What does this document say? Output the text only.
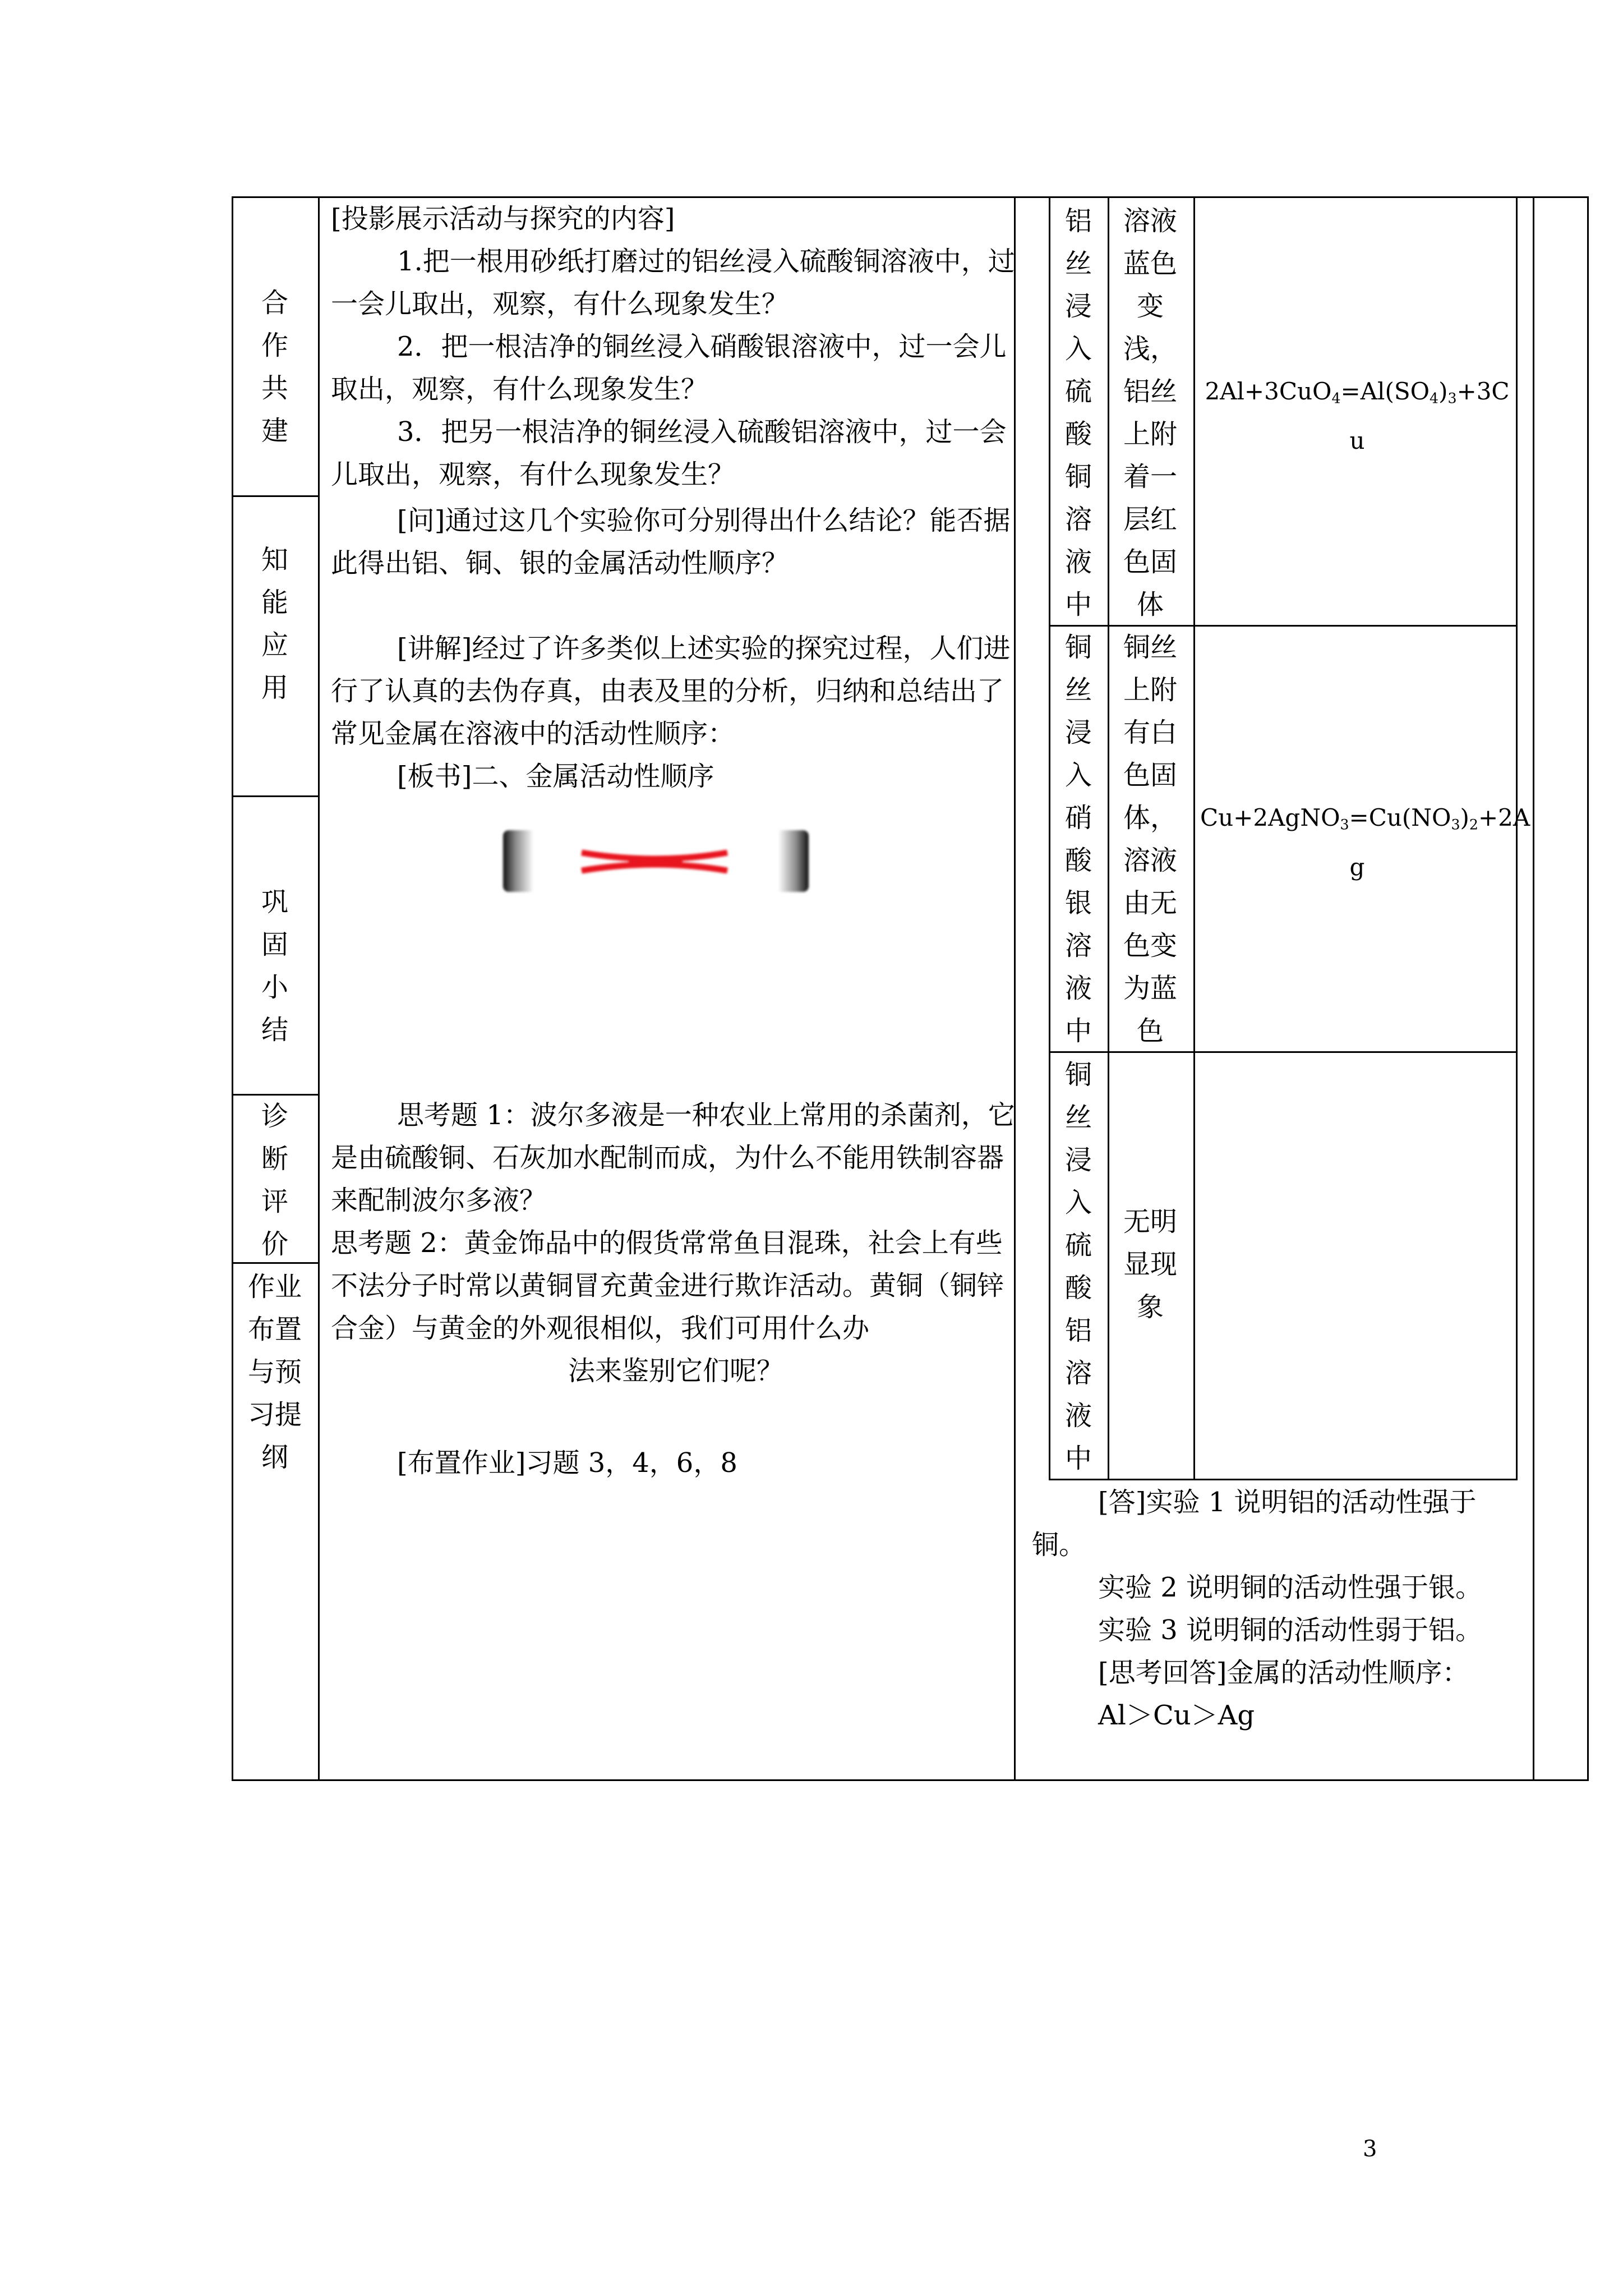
合作共建
知能应用
巩固小结
诊断评价
作业布置与预习提纲

[投影展示活动与探究的内容]

1.把一根用砂纸打磨过的铝丝浸入硫酸铜溶液中，过一会儿取出，观察，有什么现象发生？

2．把一根洁净的铜丝浸入硝酸银溶液中，过一会儿取出，观察，有什么现象发生？

3．把另一根洁净的铜丝浸入硫酸铝溶液中，过一会儿取出，观察，有什么现象发生？

[问]通过这几个实验你可分别得出什么结论？能否据此得出铝、铜、银的金属活动性顺序？

[讲解]经过了许多类似上述实验的探究过程，人们进行了认真的去伪存真，由表及里的分析，归纳和总结出了常见金属在溶液中的活动性顺序：

[板书]二、金属活动性顺序

思考题 1：波尔多液是一种农业上常用的杀菌剂，它是由硫酸铜、石灰加水配制而成，为什么不能用铁制容器来配制波尔多液？

思考题 2：黄金饰品中的假货常常鱼目混珠，社会上有些不法分子时常以黄铜冒充黄金进行欺诈活动。黄铜（铜锌合金）与黄金的外观很相似，我们可用什么办

法来鉴别它们呢？

[布置作业]习题 3，4，6，8

铝丝浸入硫酸铜溶液中
溶液蓝色变浅，铝丝上附着一层红色固体
$2Al+3CuO_4=Al(SO_4)_3+3C$
u
铜丝浸入硝酸银溶液中
铜丝上附有白色固体，溶液由无色变为蓝色
$Cu+2AgNO_3=Cu(NO_3)_2+2A$
g
铜丝浸入硫酸铝溶液中
无明显现象

[答]实验 1 说明铝的活动性强于铜。

实验 2 说明铜的活动性强于银。

实验 3 说明铜的活动性弱于铝。

[思考回答]金属的活动性顺序：

Al＞Cu＞Ag

3
